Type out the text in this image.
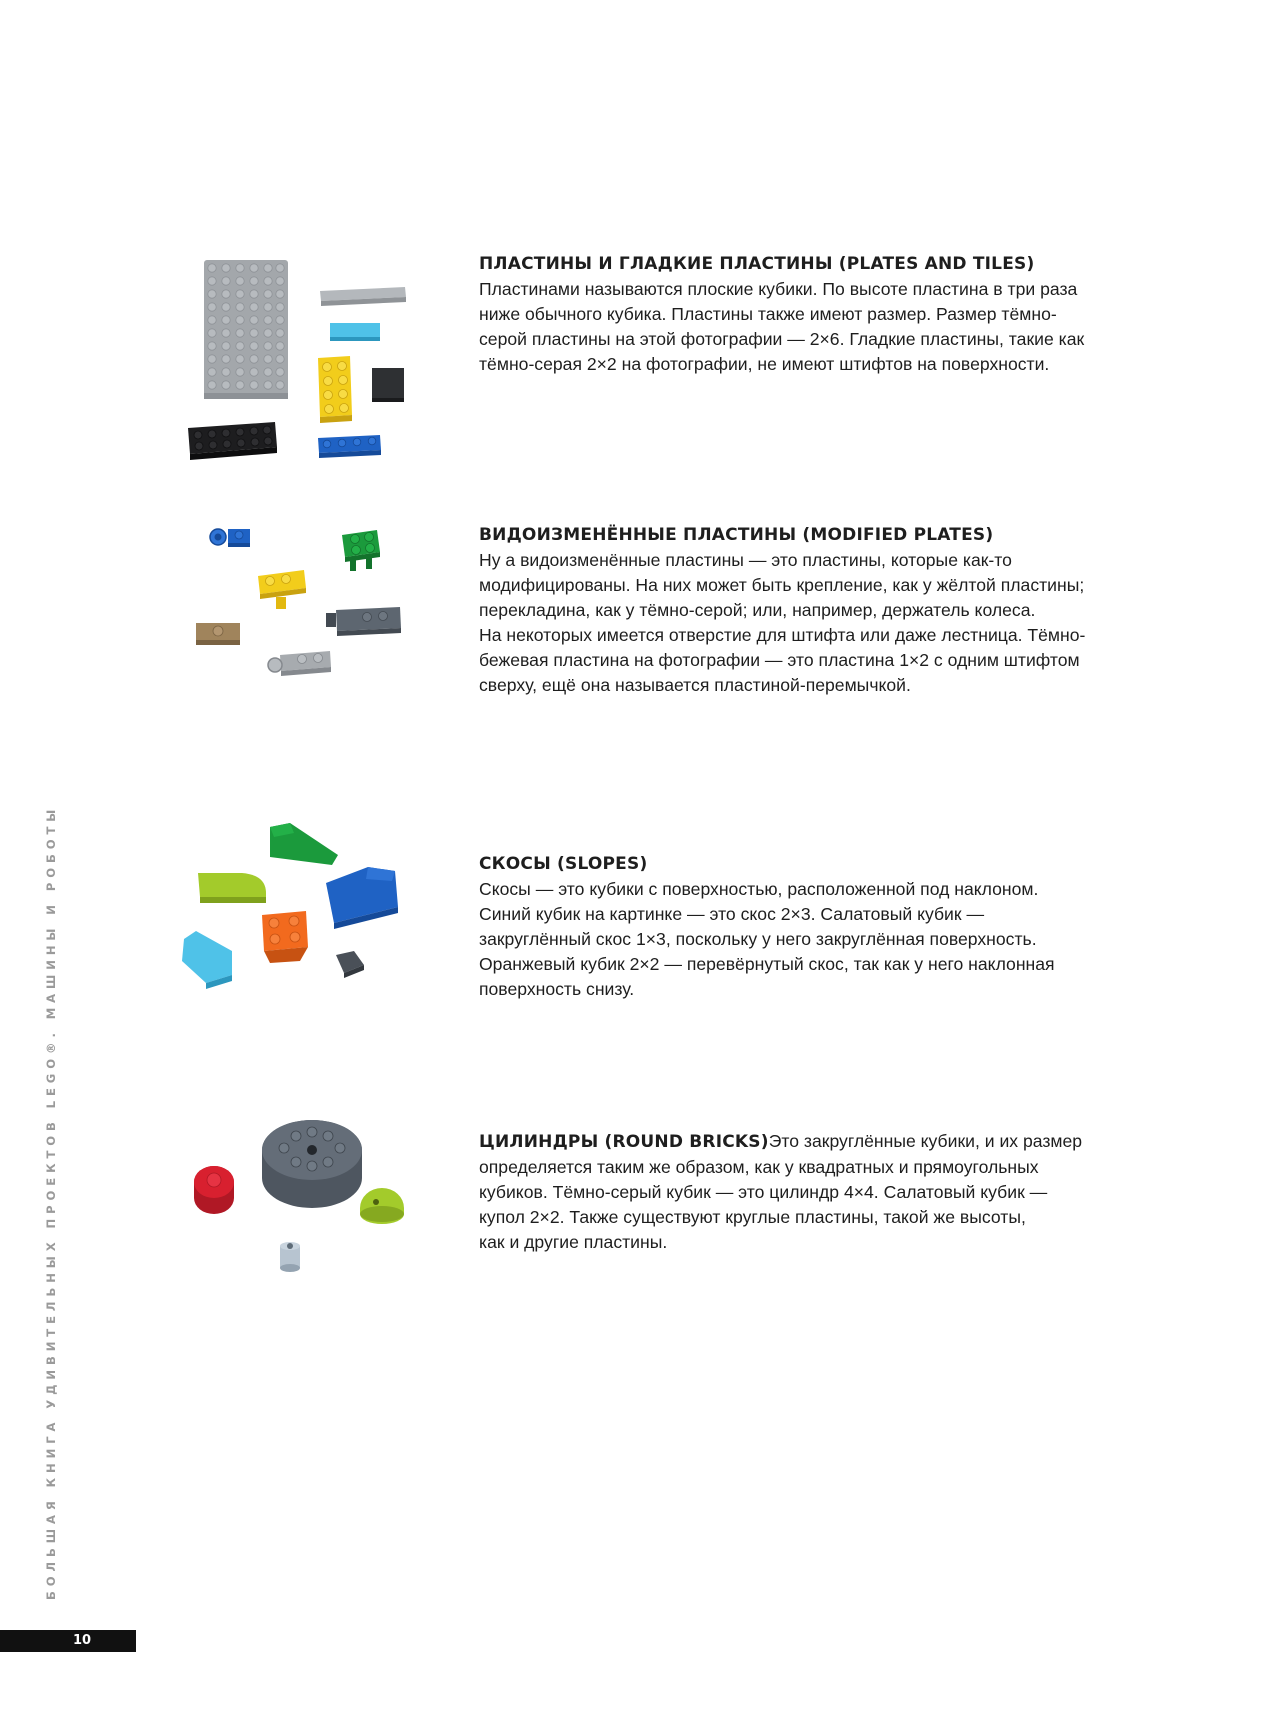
ПЛАСТИНЫ И ГЛАДКИЕ ПЛАСТИНЫ (PLATES AND TILES)
Пластинами называются плоские кубики. По высоте пластина в три раза
ниже обычного кубика. Пластины также имеют размер. Размер тёмно-
серой пластины на этой фотографии — 2×6. Гладкие пластины, такие как
тёмно-серая 2×2 на фотографии, не имеют штифтов на поверхности.
ВИДОИЗМЕНЁННЫЕ ПЛАСТИНЫ (MODIFIED PLATES)
Ну а видоизменённые пластины — это пластины, которые как-то
модифицированы. На них может быть крепление, как у жёлтой пластины;
перекладина, как у тёмно-серой; или, например, держатель колеса.
На некоторых имеется отверстие для штифта или даже лестница. Тёмно-
бежевая пластина на фотографии — это пластина 1×2 с одним штифтом
сверху, ещё она называется пластиной-перемычкой.
СКОСЫ (SLOPES)
Скосы — это кубики с поверхностью, расположенной под наклоном.
Синий кубик на картинке — это скос 2×3. Салатовый кубик —
закруглённый скос 1×3, поскольку у него закруглённая поверхность.
Оранжевый кубик 2×2 — перевёрнутый скос, так как у него наклонная
поверхность снизу.
ЦИЛИНДРЫ (ROUND BRICKS)Это закруглённые кубики, и их размер
определяется таким же образом, как у квадратных и прямоугольных
кубиков. Тёмно-серый кубик — это цилиндр 4×4. Салатовый кубик —
купол 2×2. Также существуют круглые пластины, такой же высоты,
как и другие пластины.
БОЛЬШАЯ КНИГА УДИВИТЕЛЬНЫХ ПРОЕКТОВ LEGO®. МАШИНЫ И РОБОТЫ
10
